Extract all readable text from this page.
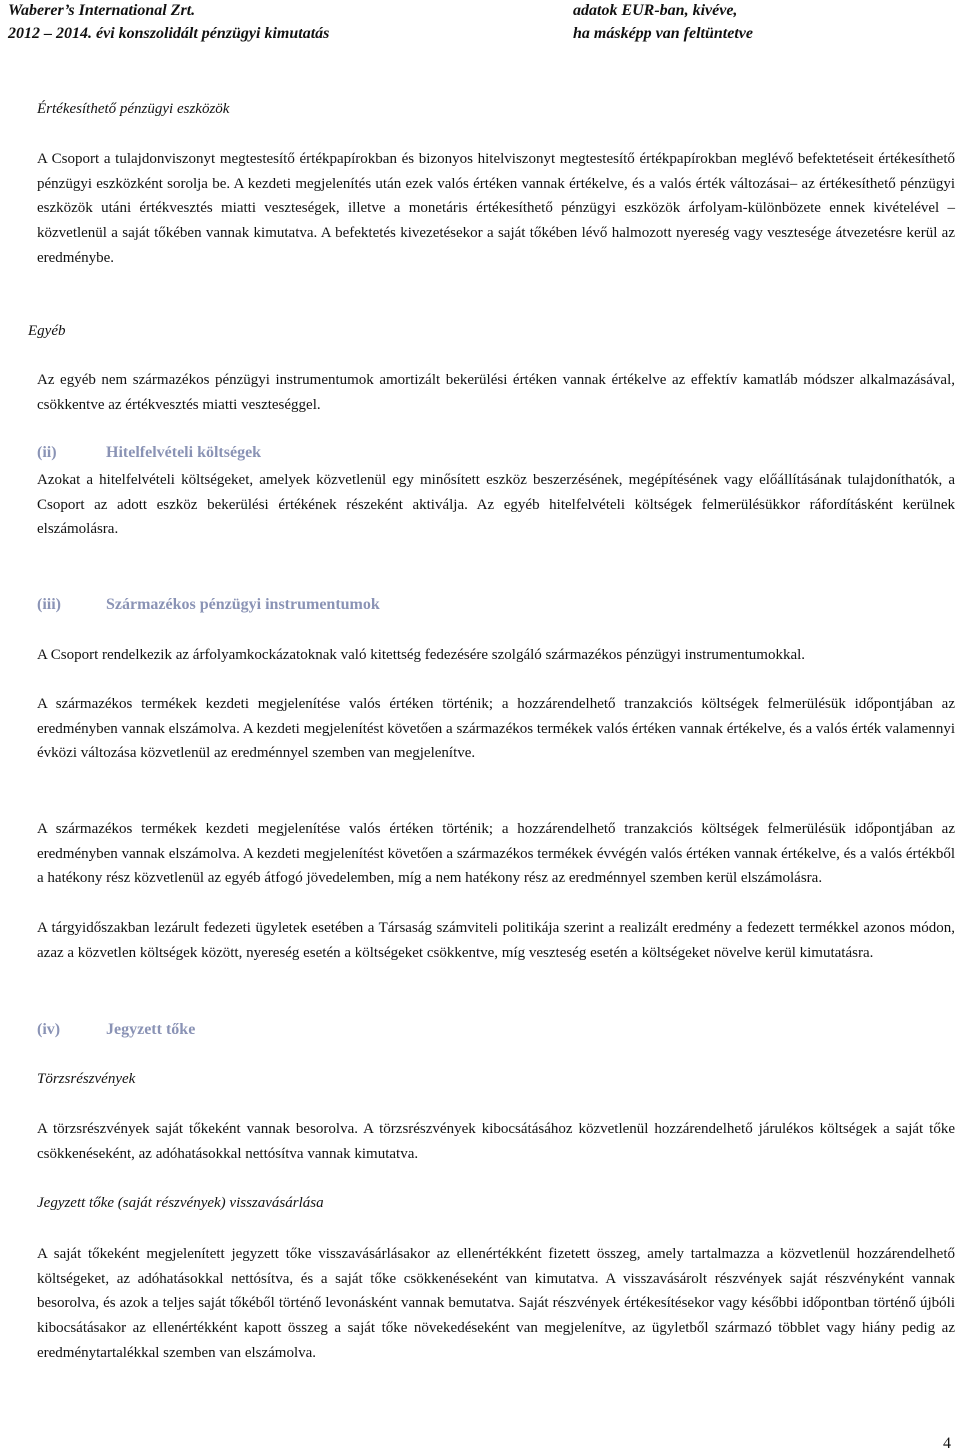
Waberer’s International Zrt.
2012 – 2014. évi konszolidált pénzügyi kimutatás
adatok EUR-ban, kivéve,
ha másképp van feltüntetve
Értékesíthető pénzügyi eszközök

A Csoport a tulajdonviszonyt megtestesítő értékpapírokban és bizonyos hitelviszonyt megtestesítő értékpapírokban meglévő befektetéseit értékesíthető pénzügyi eszközként sorolja be. A kezdeti megjelenítés után ezek valós értéken vannak értékelve, és a valós érték változásai– az értékesíthető pénzügyi eszközök utáni értékvesztés miatti veszteségek, illetve a monetáris értékesíthető pénzügyi eszközök árfolyam-különbözete ennek kivételével – közvetlenül a saját tőkében vannak kimutatva. A befektetés kivezetésekor a saját tőkében lévő halmozott nyereség vagy vesztesége átvezetésre kerül az eredménybe.

Egyéb

Az egyéb nem származékos pénzügyi instrumentumok amortizált bekerülési értéken vannak értékelve az effektív kamatláb módszer alkalmazásával, csökkentve az értékvesztés miatti veszteséggel.

(ii)	Hitelfelvételi költségek

Azokat a hitelfelvételi költségeket, amelyek közvetlenül egy minősített eszköz beszerzésének, megépítésének vagy előállításának tulajdoníthatók, a Csoport az adott eszköz bekerülési értékének részeként aktiválja. Az egyéb hitelfelvételi költségek felmerülésükkor ráfordításként kerülnek elszámolásra.

(iii)	Származékos pénzügyi instrumentumok

A Csoport rendelkezik az árfolyamkockázatoknak való kitettség fedezésére szolgáló származékos pénzügyi instrumentumokkal.

A származékos termékek kezdeti megjelenítése valós értéken történik; a hozzárendelhető tranzakciós költségek felmerülésük időpontjában az eredményben vannak elszámolva. A kezdeti megjelenítést követően a származékos termékek valós értéken vannak értékelve, és a valós érték valamennyi évközi változása közvetlenül az eredménnyel szemben van megjelenítve.

A származékos termékek kezdeti megjelenítése valós értéken történik; a hozzárendelhető tranzakciós költségek felmerülésük időpontjában az eredményben vannak elszámolva. A kezdeti megjelenítést követően a származékos termékek évvégén valós értéken vannak értékelve, és a valós értékből a hatékony rész közvetlenül az egyéb átfogó jövedelemben, míg a nem hatékony rész az eredménnyel szemben kerül elszámolásra.

A tárgyidőszakban lezárult fedezeti ügyletek esetében a Társaság számviteli politikája szerint a realizált eredmény a fedezett termékkel azonos módon, azaz a közvetlen költségek között, nyereség esetén a költségeket csökkentve, míg veszteség esetén a költségeket növelve kerül kimutatásra.

(iv)	Jegyzett tőke
Törzsrészvények

A törzsrészvények saját tőkeként vannak besorolva. A törzsrészvények kibocsátásához közvetlenül hozzárendelhető járulékos költségek a saját tőke csökkenéseként, az adóhatásokkal nettósítva vannak kimutatva.

Jegyzett tőke (saját részvények) visszavásárlása

A saját tőkeként megjelenített jegyzett tőke visszavásárlásakor az ellenértékként fizetett összeg, amely tartalmazza a közvetlenül hozzárendelhető költségeket, az adóhatásokkal nettósítva, és a saját tőke csökkenéseként van kimutatva. A visszavásárolt részvények saját részvényként vannak besorolva, és azok a teljes saját tőkéből történő levonásként vannak bemutatva. Saját részvények értékesítésekor vagy későbbi időpontban történő újbóli kibocsátásakor az ellenértékként kapott összeg a saját tőke növekedéseként van megjelenítve, az ügyletből származó többlet vagy hiány pedig az eredménytartalékkal szemben van elszámolva.

4
